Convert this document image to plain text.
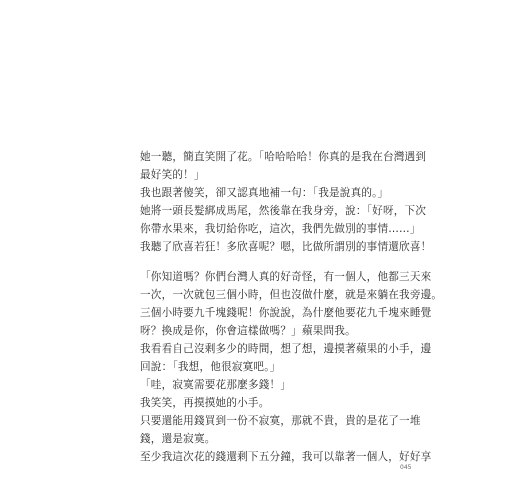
她一聽，簡直笑開了花。「哈哈哈哈！你真的是我在台灣遇到
最好笑的！」
我也跟著傻笑，卻又認真地補一句：「我是說真的。」
她將一頭長髮綁成馬尾，然後靠在我身旁，說：「好呀，下次
你帶水果來，我切給你吃，這次，我們先做別的事情……」
我聽了欣喜若狂！多欣喜呢？嗯，比做所謂別的事情還欣喜！
「你知道嗎？你們台灣人真的好奇怪，有一個人，他都三天來
一次，一次就包三個小時，但也沒做什麼，就是來躺在我旁邊。
三個小時要九千塊錢呢！你說說，為什麼他要花九千塊來睡覺
呀？換成是你，你會這樣做嗎？」蘋果問我。
我看看自己沒剩多少的時間，想了想，邊摸著蘋果的小手，邊
回說：「我想，他很寂寞吧。」
「哇，寂寞需要花那麼多錢！」
我笑笑，再摸摸她的小手。
只要還能用錢買到一份不寂寞，那就不貴，貴的是花了一堆
錢，還是寂寞。
至少我這次花的錢還剩下五分鐘，我可以靠著一個人，好好享
045
